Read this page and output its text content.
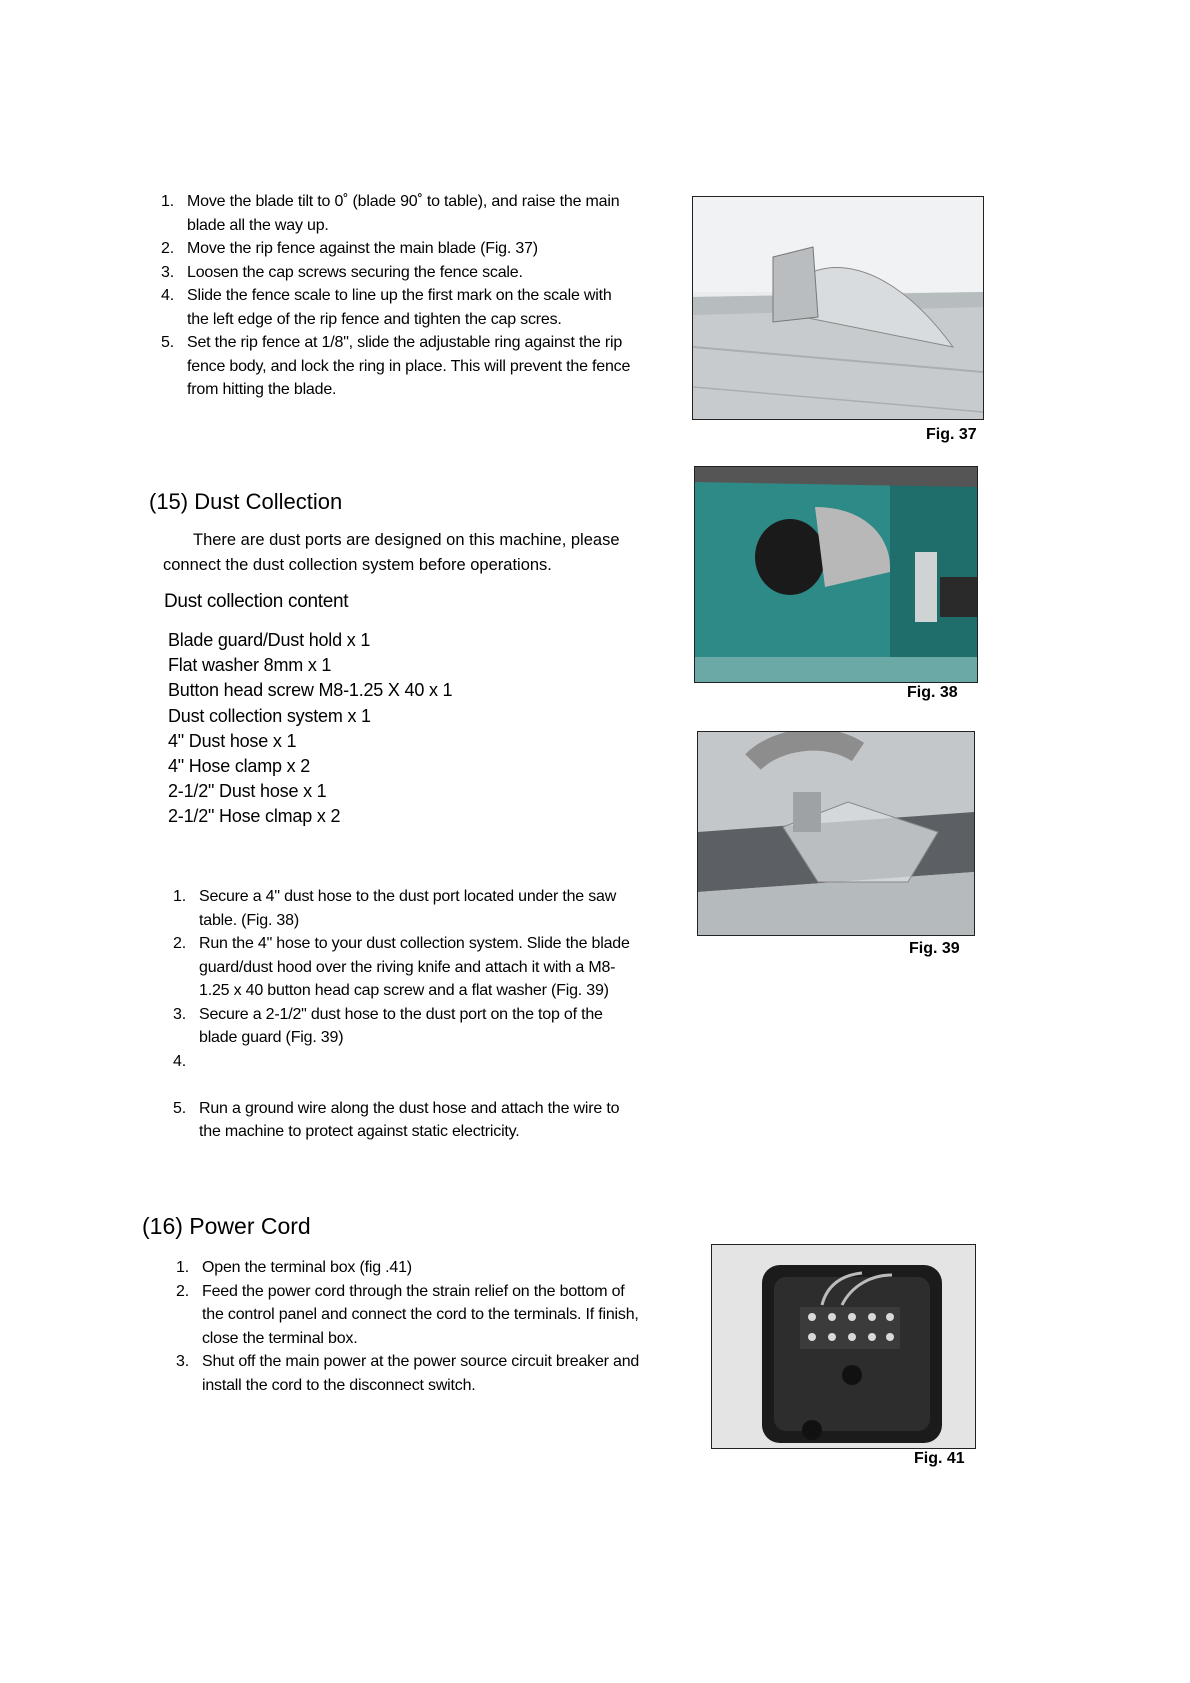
1. Move the blade tilt to 0˚ (blade 90˚ to table), and raise the main blade all the way up.
2. Move the rip fence against the main blade (Fig. 37)
3. Loosen the cap screws securing the fence scale.
4. Slide the fence scale to line up the first mark on the scale with the left edge of the rip fence and tighten the cap scres.
5. Set the rip fence at 1/8", slide the adjustable ring against the rip fence body, and lock the ring in place. This will prevent the fence from hitting the blade.
Fig. 37
(15) Dust Collection

There are dust ports are designed on this machine, please connect the dust collection system before operations.

Dust collection content
Blade guard/Dust hold x 1
Flat washer 8mm x 1
Button head screw M8-1.25 X 40 x 1
Dust collection system x 1
4" Dust hose x 1
4" Hose clamp x 2
2-1/2" Dust hose x 1
2-1/2" Hose clmap x 2
Fig. 38
Fig. 39
1. Secure a 4" dust hose to the dust port located under the saw table. (Fig. 38)
2. Run the 4" hose to your dust collection system. Slide the blade guard/dust hood over the riving knife and attach it with a M8-1.25 x 40 button head cap screw and a flat washer (Fig. 39)
3. Secure a 2-1/2" dust hose to the dust port on the top of the blade guard (Fig. 39)
4.
5. Run a ground wire along the dust hose and attach the wire to the machine to protect against static electricity.
(16) Power Cord
1. Open the terminal box (fig .41)
2. Feed the power cord through the strain relief on the bottom of the control panel and connect the cord to the terminals. If finish, close the terminal box.
3. Shut off the main power at the power source circuit breaker and install the cord to the disconnect switch.
Fig. 41
